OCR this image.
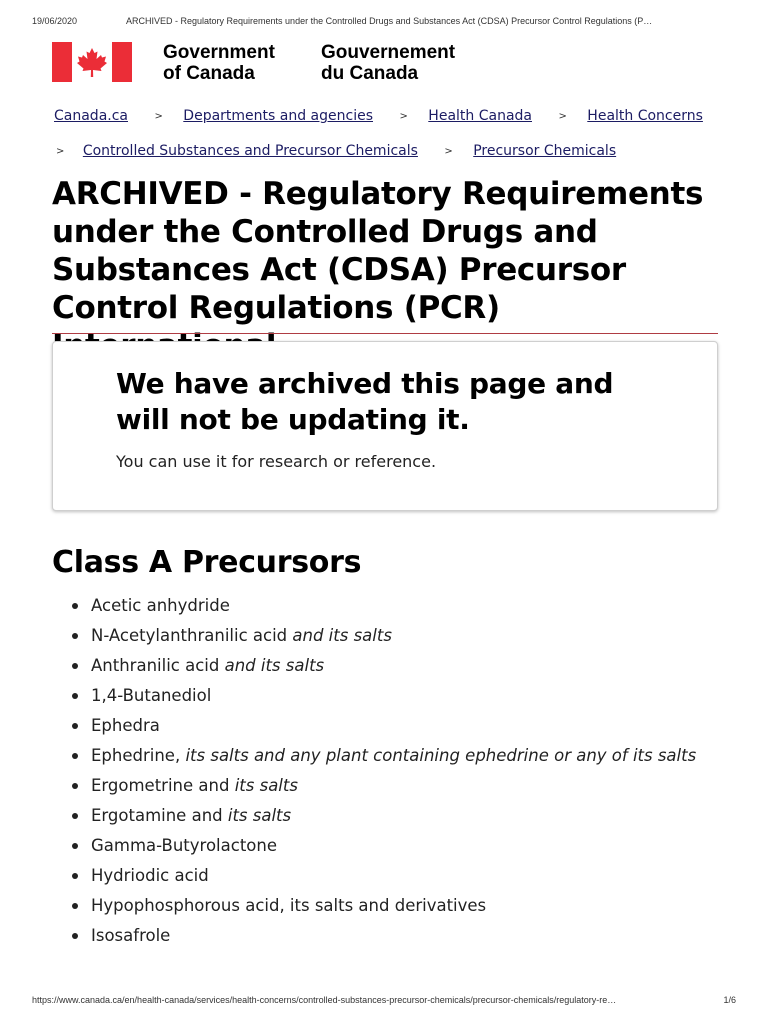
19/06/2020	ARCHIVED - Regulatory Requirements under the Controlled Drugs and Substances Act (CDSA) Precursor Control Regulations (P…
Government
of Canada
Gouvernement
du Canada
Canada.ca	> Departments and agencies	> Health Canada	> Health Concerns
> Controlled Substances and Precursor Chemicals	> Precursor Chemicals
ARCHIVED - Regulatory Requirements under the Controlled Drugs and Substances Act (CDSA) Precursor Control Regulations (PCR)
We have archived this page and will not be updating it.
You can use it for research or reference.
Class A Precursors
Acetic anhydride
N-Acetylanthranilic acid and its salts
Anthranilic acid and its salts
1,4-Butanediol
Ephedra
Ephedrine, its salts and any plant containing ephedrine or any of its salts
Ergometrine and its salts
Ergotamine and its salts
Gamma-Butyrolactone
Hydriodic acid
Hypophosphorous acid, its salts and derivatives
Isosafrole
https://www.canada.ca/en/health-canada/services/health-concerns/controlled-substances-precursor-chemicals/precursor-chemicals/regulatory-re…	1/6
